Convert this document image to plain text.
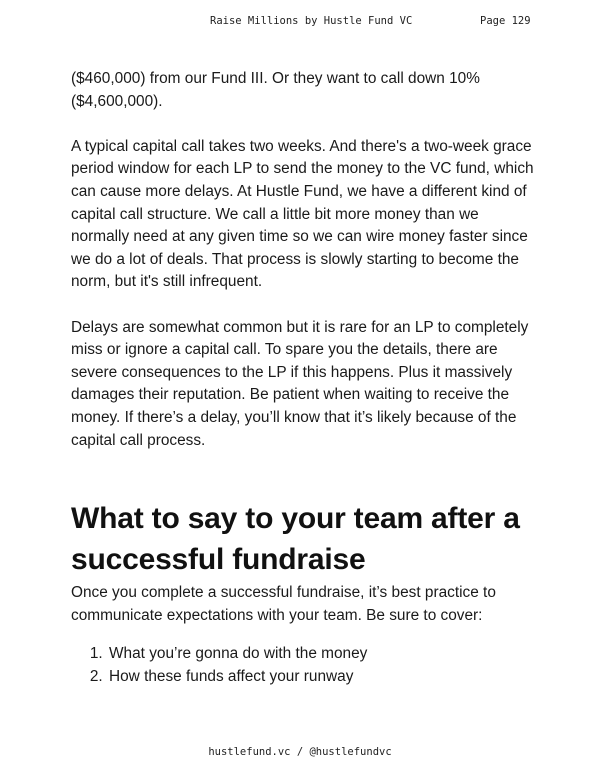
Raise Millions by Hustle Fund VC	Page 129

($460,000) from our Fund III. Or they want to call down 10% ($4,600,000).

A typical capital call takes two weeks. And there's a two-week grace period window for each LP to send the money to the VC fund, which can cause more delays. At Hustle Fund, we have a different kind of capital call structure. We call a little bit more money than we normally need at any given time so we can wire money faster since we do a lot of deals. That process is slowly starting to become the norm, but it's still infrequent.

Delays are somewhat common but it is rare for an LP to completely miss or ignore a capital call. To spare you the details, there are severe consequences to the LP if this happens. Plus it massively damages their reputation. Be patient when waiting to receive the money. If there’s a delay, you’ll know that it’s likely because of the capital call process.

What to say to your team after a successful fundraise

Once you complete a successful fundraise, it’s best practice to communicate expectations with your team. Be sure to cover:

1. What you’re gonna do with the money
2. How these funds affect your runway
hustlefund.vc / @hustlefundvc
